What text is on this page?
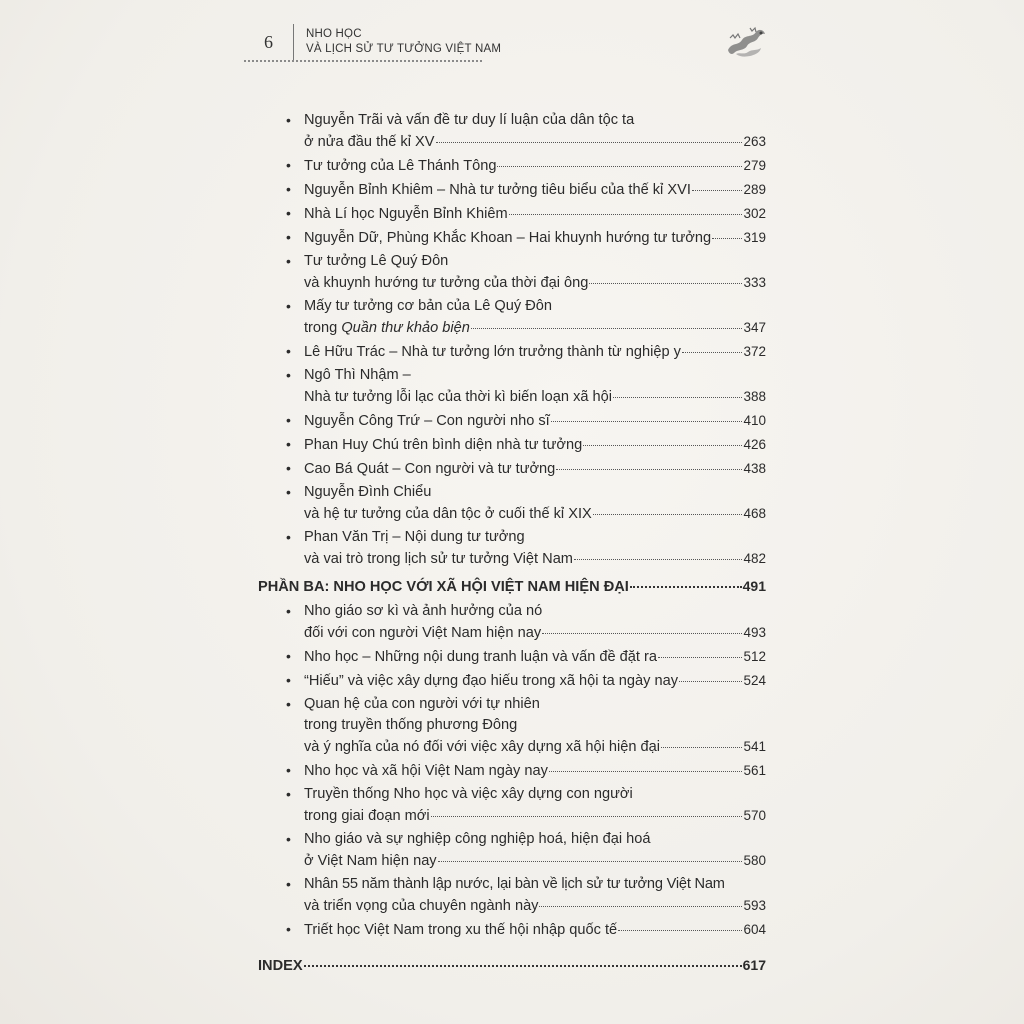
6	NHO HỌC
VÀ LỊCH SỬ TƯ TƯỞNG VIỆT NAM
• Nguyễn Trãi và vấn đề tư duy lí luận của dân tộc ta
ở nửa đầu thế kỉ XV	263
• Tư tưởng của Lê Thánh Tông	279
• Nguyễn Bỉnh Khiêm – Nhà tư tưởng tiêu biểu của thế kỉ XVI	289
• Nhà Lí học Nguyễn Bỉnh Khiêm	302
• Nguyễn Dữ, Phùng Khắc Khoan – Hai khuynh hướng tư tưởng 319
• Tư tưởng Lê Quý Đôn
và khuynh hướng tư tưởng của thời đại ông	333
• Mấy tư tưởng cơ bản của Lê Quý Đôn
trong Quần thư khảo biện	347
• Lê Hữu Trác – Nhà tư tưởng lớn trưởng thành từ nghiệp y	372
• Ngô Thì Nhậm –
Nhà tư tưởng lỗi lạc của thời kì biến loạn xã hội	388
• Nguyễn Công Trứ – Con người nho sĩ	410
• Phan Huy Chú trên bình diện nhà tư tưởng	426
• Cao Bá Quát – Con người và tư tưởng	438
• Nguyễn Đình Chiểu
và hệ tư tưởng của dân tộc ở cuối thế kỉ XIX	468
• Phan Văn Trị – Nội dung tư tưởng
và vai trò trong lịch sử tư tưởng Việt Nam	482
PHẦN BA: NHO HỌC VỚI XÃ HỘI VIỆT NAM HIỆN ĐẠI	491
• Nho giáo sơ kì và ảnh hưởng của nó
đối với con người Việt Nam hiện nay	493
• Nho học – Những nội dung tranh luận và vấn đề đặt ra	512
• “Hiếu” và việc xây dựng đạo hiếu trong xã hội ta ngày nay	524
• Quan hệ của con người với tự nhiên
trong truyền thống phương Đông
và ý nghĩa của nó đối với việc xây dựng xã hội hiện đại	541
• Nho học và xã hội Việt Nam ngày nay	561
• Truyền thống Nho học và việc xây dựng con người
trong giai đoạn mới	570
• Nho giáo và sự nghiệp công nghiệp hoá, hiện đại hoá
ở Việt Nam hiện nay	580
• Nhân 55 năm thành lập nước, lại bàn về lịch sử tư tưởng Việt Nam
và triển vọng của chuyên ngành này	593
• Triết học Việt Nam trong xu thế hội nhập quốc tế	604
INDEX	617
